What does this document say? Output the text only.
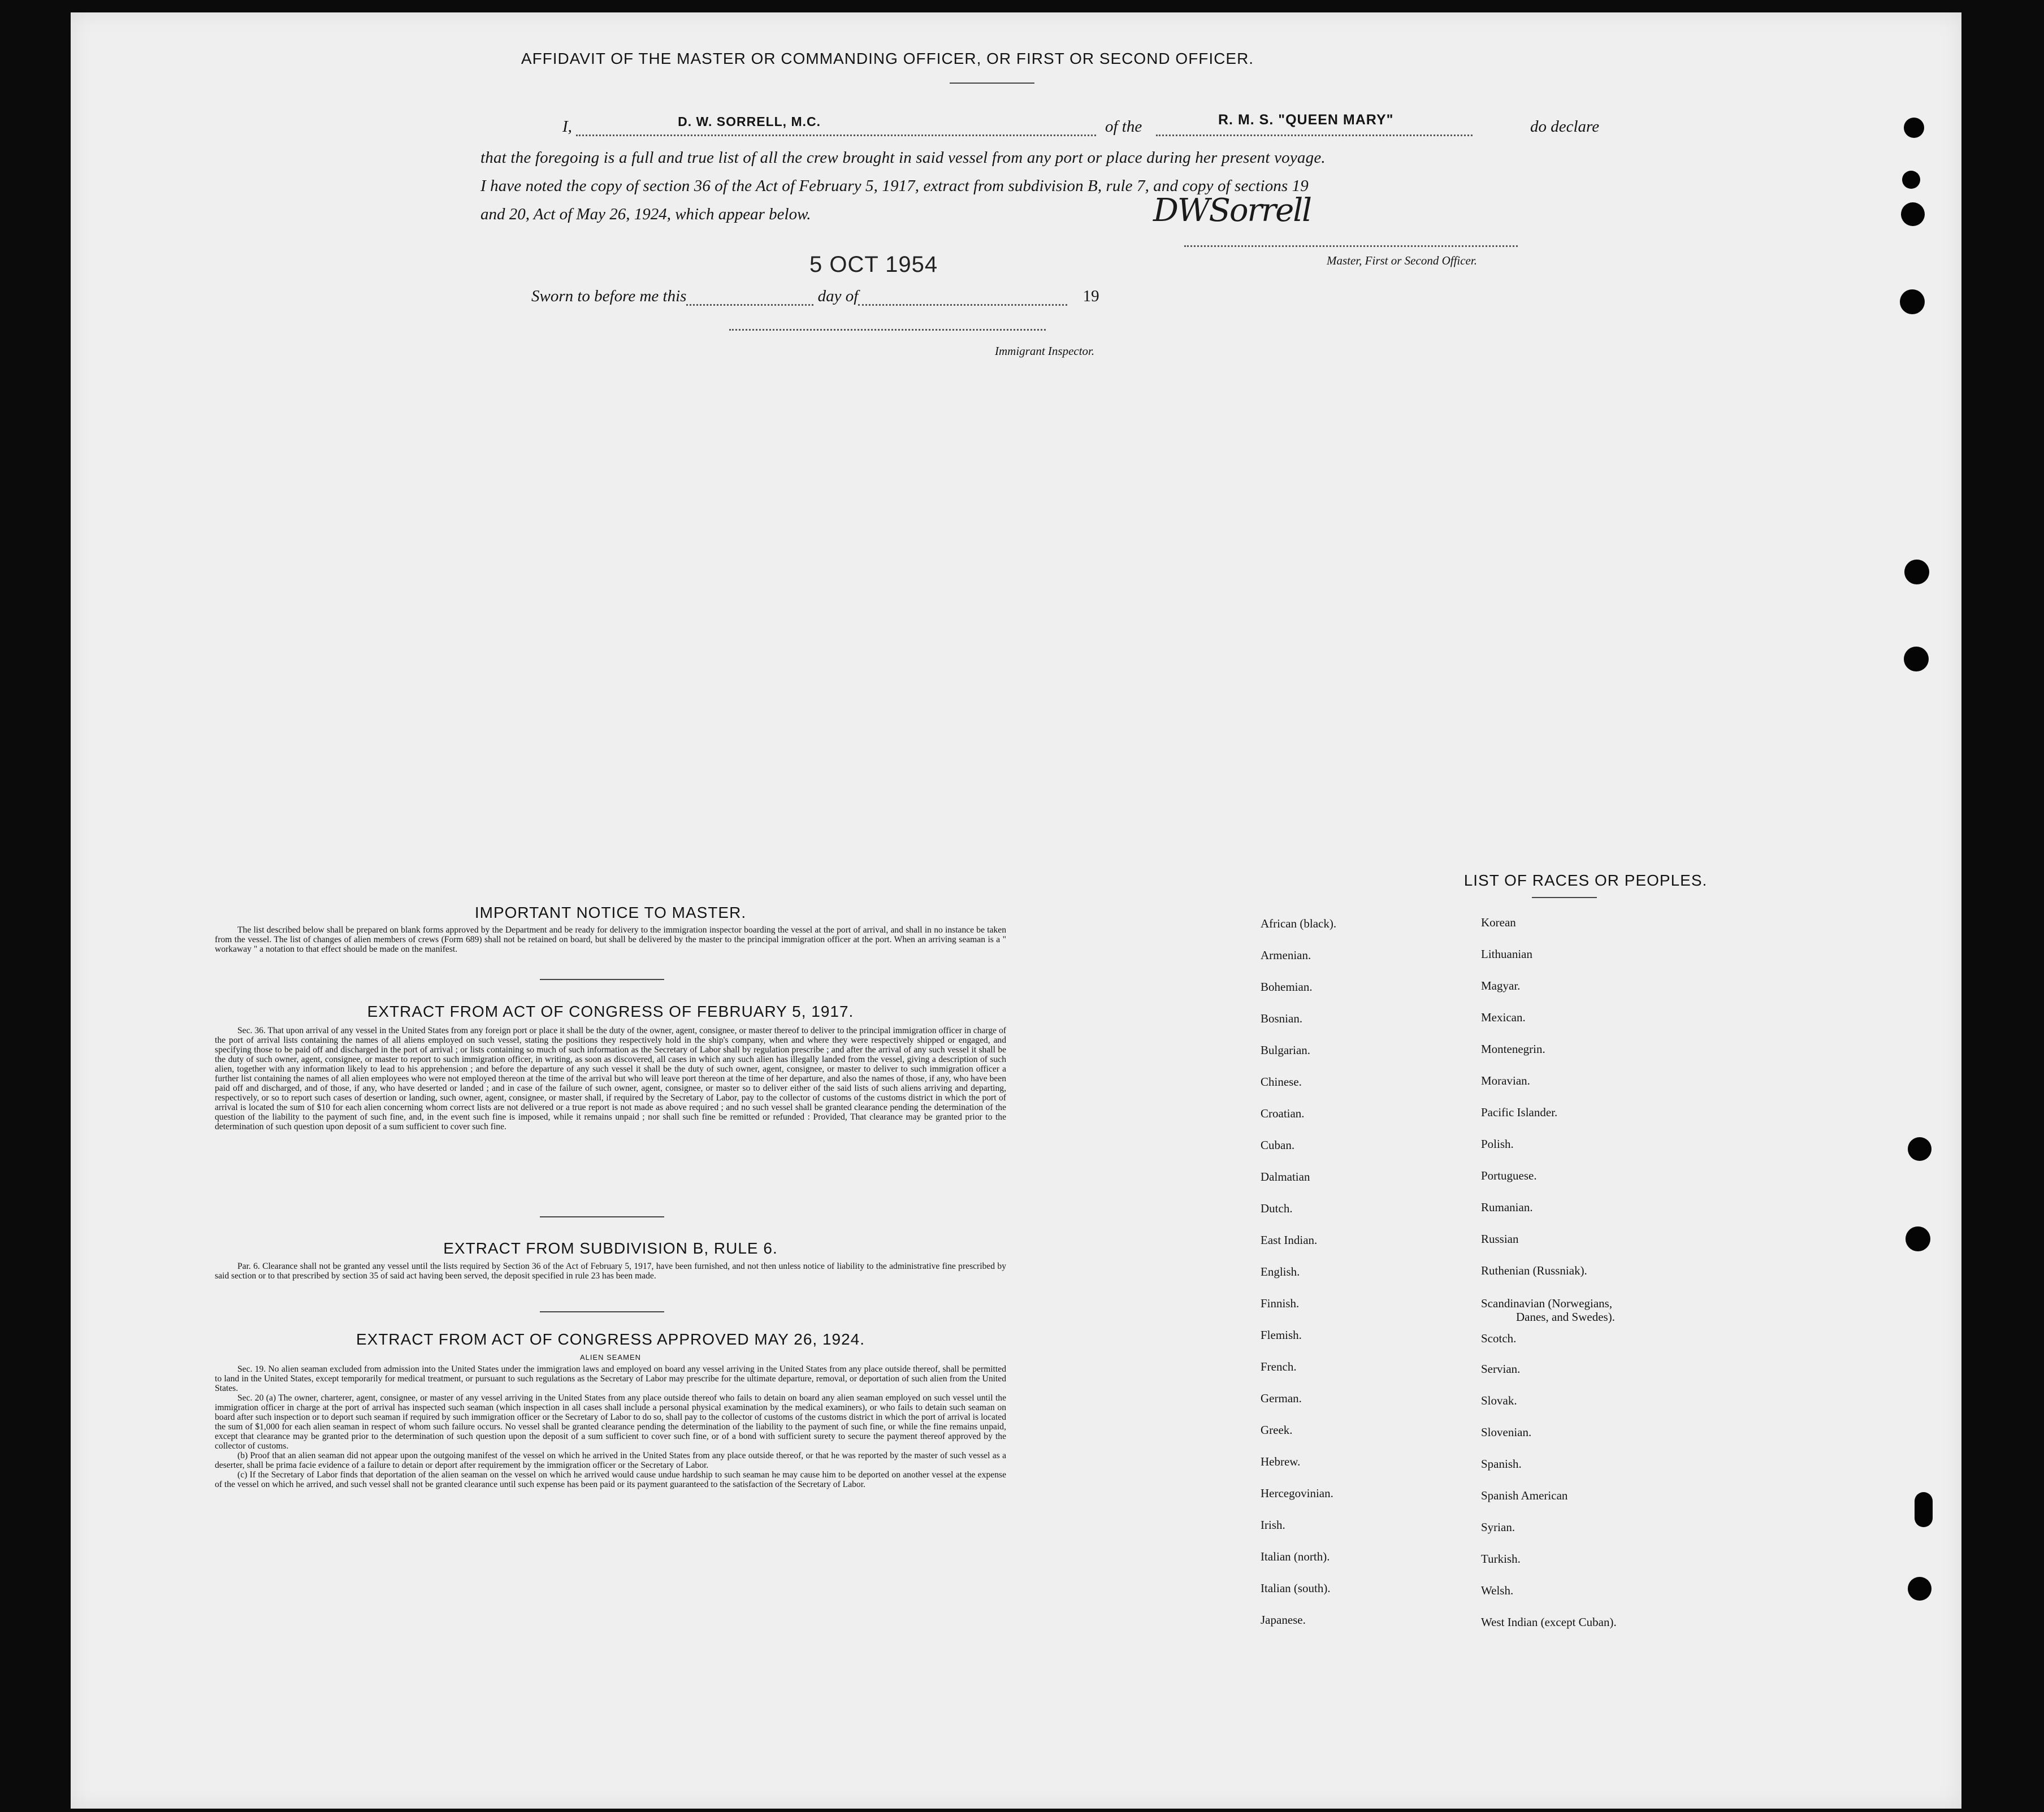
AFFIDAVIT OF THE MASTER OR COMMANDING OFFICER, OR FIRST OR SECOND OFFICER.
I,	D. W. SORRELL, M.C.	of the	R. M. S. "QUEEN MARY"	do declare
that the foregoing is a full and true list of all the crew brought in said vessel from any port or place during her present voyage.
I have noted the copy of section 36 of the Act of February 5, 1917, extract from subdivision B, rule 7, and copy of sections 19
and 20, Act of May 26, 1924, which appear below.	DWSorrell
Master, First or Second Officer.
5 OCT 1954
Sworn to before me this	day of	19
Immigrant Inspector.
IMPORTANT NOTICE TO MASTER.
The list described below shall be prepared on blank forms approved by the Department and be ready for delivery to the immigration inspector boarding the vessel at the port of arrival, and shall in no instance be taken from the vessel. The list of changes of alien members of crews (Form 689) shall not be retained on board, but shall be delivered by the master to the principal immigration officer at the port. When an arriving seaman is a " workaway " a notation to that effect should be made on the manifest.
EXTRACT FROM ACT OF CONGRESS OF FEBRUARY 5, 1917.
Sec. 36. That upon arrival of any vessel in the United States from any foreign port or place it shall be the duty of the owner, agent, consignee, or master thereof to deliver to the principal immigration officer in charge of the port of arrival lists containing the names of all aliens employed on such vessel, stating the positions they respectively hold in the ship's company, when and where they were respectively shipped or engaged, and specifying those to be paid off and discharged in the port of arrival ; or lists containing so much of such information as the Secretary of Labor shall by regulation prescribe ; and after the arrival of any such vessel it shall be the duty of such owner, agent, consignee, or master to report to such immigration officer, in writing, as soon as discovered, all cases in which any such alien has illegally landed from the vessel, giving a description of such alien, together with any information likely to lead to his apprehension ; and before the departure of any such vessel it shall be the duty of such owner, agent, consignee, or master to deliver to such immigration officer a further list containing the names of all alien employees who were not employed thereon at the time of the arrival but who will leave port thereon at the time of her departure, and also the names of those, if any, who have been paid off and discharged, and of those, if any, who have deserted or landed ; and in case of the failure of such owner, agent, consignee, or master so to deliver either of the said lists of such aliens arriving and departing, respectively, or so to report such cases of desertion or landing, such owner, agent, consignee, or master shall, if required by the Secretary of Labor, pay to the collector of customs of the customs district in which the port of arrival is located the sum of $10 for each alien concerning whom correct lists are not delivered or a true report is not made as above required ; and no such vessel shall be granted clearance pending the determination of the question of the liability to the payment of such fine, and, in the event such fine is imposed, while it remains unpaid ; nor shall such fine be remitted or refunded : Provided, That clearance may be granted prior to the determination of such question upon deposit of a sum sufficient to cover such fine.
EXTRACT FROM SUBDIVISION B, RULE 6.
Par. 6. Clearance shall not be granted any vessel until the lists required by Section 36 of the Act of February 5, 1917, have been furnished, and not then unless notice of liability to the administrative fine prescribed by said section or to that prescribed by section 35 of said act having been served, the deposit specified in rule 23 has been made.
EXTRACT FROM ACT OF CONGRESS APPROVED MAY 26, 1924.
ALIEN SEAMEN
Sec. 19. No alien seaman excluded from admission into the United States under the immigration laws and employed on board any vessel arriving in the United States from any place outside thereof, shall be permitted to land in the United States, except temporarily for medical treatment, or pursuant to such regulations as the Secretary of Labor may prescribe for the ultimate departure, removal, or deportation of such alien from the United States.
Sec. 20 (a) The owner, charterer, agent, consignee, or master of any vessel arriving in the United States from any place outside thereof who fails to detain on board any alien seaman employed on such vessel until the immigration officer in charge at the port of arrival has inspected such seaman (which inspection in all cases shall include a personal physical examination by the medical examiners), or who fails to detain such seaman on board after such inspection or to deport such seaman if required by such immigration officer or the Secretary of Labor to do so, shall pay to the collector of customs of the customs district in which the port of arrival is located the sum of $1,000 for each alien seaman in respect of whom such failure occurs. No vessel shall be granted clearance pending the determination of the liability to the payment of such fine, or while the fine remains unpaid, except that clearance may be granted prior to the determination of such question upon the deposit of a sum sufficient to cover such fine, or of a bond with sufficient surety to secure the payment thereof approved by the collector of customs.
(b) Proof that an alien seaman did not appear upon the outgoing manifest of the vessel on which he arrived in the United States from any place outside thereof, or that he was reported by the master of such vessel as a deserter, shall be prima facie evidence of a failure to detain or deport after requirement by the immigration officer or the Secretary of Labor.
(c) If the Secretary of Labor finds that deportation of the alien seaman on the vessel on which he arrived would cause undue hardship to such seaman he may cause him to be deported on another vessel at the expense of the vessel on which he arrived, and such vessel shall not be granted clearance until such expense has been paid or its payment guaranteed to the satisfaction of the Secretary of Labor.
LIST OF RACES OR PEOPLES.
African (black).
Armenian.
Bohemian.
Bosnian.
Bulgarian.
Chinese.
Croatian.
Cuban.
Dalmatian
Dutch.
East Indian.
English.
Finnish.
Flemish.
French.
German.
Greek.
Hebrew.
Hercegovinian.
Irish.
Italian (north).
Italian (south).
Japanese.
Korean
Lithuanian
Magyar.
Mexican.
Montenegrin.
Moravian.
Pacific Islander.
Polish.
Portuguese.
Rumanian.
Russian
Ruthenian (Russniak).
Scandinavian (Norwegians,
Danes, and Swedes).
Scotch.
Servian.
Slovak.
Slovenian.
Spanish.
Spanish American
Syrian.
Turkish.
Welsh.
West Indian (except Cuban).
